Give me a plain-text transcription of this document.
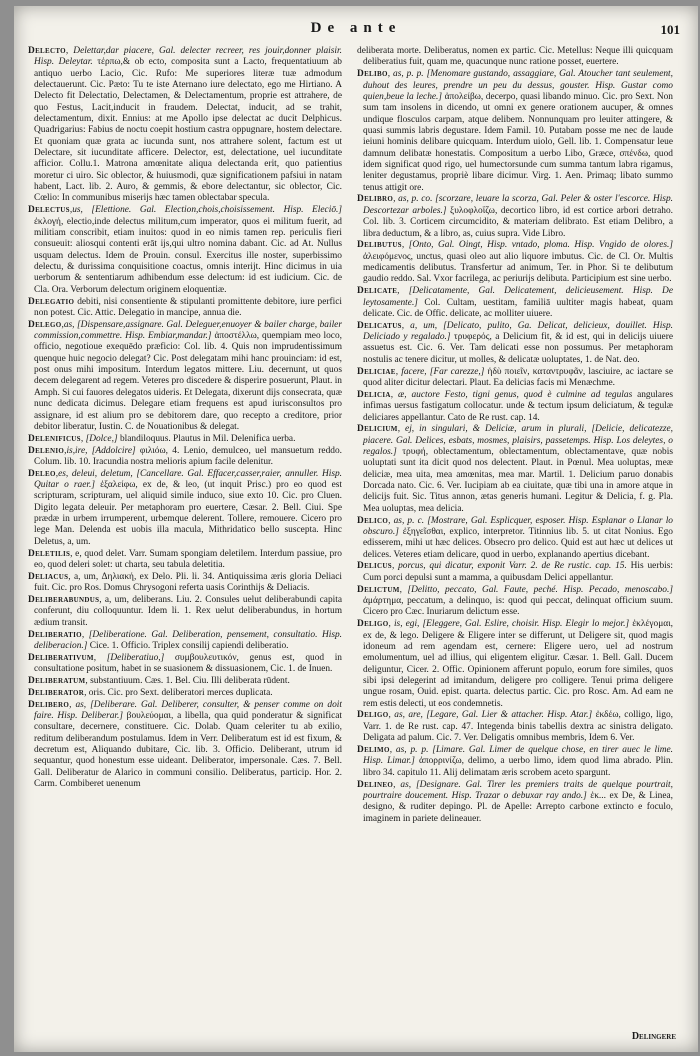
De ante	101

Delecto, Delettar,dar piacere, Gal. delecter recreer, res jouir,donner plaisir. Hisp. Deleytar. τέρπω,& ob ecto, composita sunt a Lacto, frequentatiuum ab antiquo uerbo Lacio, Cic. Rufo: Me superiores literæ tuæ admodum delectauerunt. Cic. Pæto: Tu te iste Aternano iure delectato, ego me Hirtiano. A Delecto fit Delectatio, Delectamen, & Delectamentum, proprie est attrahere, de quo Festus, Lacit,inducit in fraudem. Delectat, inducit, ad se trahit, delectamentum, dixit. Ennius: at me Apollo ipse delectat ac ducit Delphicus. Quadrigarius: Fabius de noctu coepit hostium castra oppugnare, hostem delectare. Et quoniam quæ grata ac iucunda sunt, nos attrahere solent, factum est ut Delectare, sit iucunditate afficere. Delector, est, delectatione, uel iucunditate afficior. Collu.1. Matrona amœnitate aliqua delectanda erit, quo patientius moretur ci uiro. Sic oblector, & huiusmodi, quæ significationem pafsiui in natam habent, Lact. lib. 2. Auro, & gemmis, & ebore delectantur, sic oblector, Cic. Cœlio: In communibus miserijs hæc tamen oblectabar specula.

Delectus,us, [Elettione. Gal. Election,chois,choisissement. Hisp. Eleciō.] ἐκλογή, electio,inde delectus militum,cum imperator, quos ei militum fuerit, ad militiam conscribit, etiam inuitos: quod in eo nimis tamen rep. periculis fieri consueuit: aliosqui contenti erāt ijs,qui ultro nomina dabant. Cic. ad At. Nullus usquam delectus. Idem de Prouin. consul. Exercitus ille noster, superbissimo delectu, & durissima conquisitione coactus, omnis interijt. Hinc dicimus in uia uerborum & sententiarum adhibendum esse delectum: id est iudicium. Cic. de Cla. Ora. Verborum delectum originem eloquentiæ.

Delegatio debiti, nisi consentiente & stipulanti promittente debitore, iure perfici non potest. Cic. Attic. Delegatio in mancipe, annua die.

Delego,as, [Dispensare,assignare. Gal. Deleguer,enuoyer & bailer charge, bailer commission,commettre. Hisp. Embiar,mandar.] ἀποστέλλω, quempiam meo loco, officio, negotioue exequēdo præficio: Col. lib. 4. Quis non imprudentissimum quenque huic negocio delegat? Cic. Post delegatam mihi hanc prouinciam: id est, post onus mihi impositum. Interdum legatos mittere. Liu. decernunt, ut quos decem delegarent ad regem. Veteres pro discedere & disperire posuerunt, Plaut. in Amph. Si cui fauores delegatos uideris. Et Delegata, dixerunt dijs consecrata, quæ nunc dedicata dicimus. Delegare etiam frequens est apud iurisconsultos pro assignare, id est alium pro se debitorem dare, quo recepto a creditore, prior debitor liberatur, Iustin. C. de Nouationibus & delegat.

Delenificus, [Dolce,] blandiloquus. Plautus in Mil. Delenifica uerba.

Delenio,is,ire, [Addolcire] φιλιόω, 4. Lenio, demulceo, uel mansuetum reddo. Colum. lib. 10. Iracundia nostra melioris apium facile delenitur.

Deleo,es, deleui, deletum, [Cancellare. Gal. Effacer,casser,raier, annuller. Hisp. Quitar o raer.] ἐξαλείφω, ex de, & leo, (ut inquit Prisc.) pro eo quod est scripturam, scripturam, uel aliquid simile induco, siue exto 10. Cic. pro Cluen. Digito legata deleuir. Per metaphoram pro euertere, Cæsar. 2. Bell. Ciui. Spe prædæ in urbem irrumperent, urbemque delerent. Tollere, remouere. Cicero pro lege Man. Delenda est uobis illa macula, Mithridatico bello suscepta. Hinc Deletus, a, um.

Deletilis, e, quod delet. Varr. Sumam spongiam deletilem. Interdum passiue, pro eo, quod deleri solet: ut charta, seu tabula deletitia.

Deliacus, a, um, Δηλιακή, ex Delo. Pli. li. 34. Antiquissima æris gloria Deliaci fuit. Cic. pro Ros. Domus Chrysogoni referta uasis Corinthijs & Deliacis.

Deliberabundus, a, um, deliberans. Liu. 2. Consules uelut deliberabundi capita conferunt, diu colloquuntur. Idem li. 1. Rex uelut deliberabundus, in hortum ædium transit.

Deliberatio, [Deliberatione. Gal. Deliberation, pensement, consultatio. Hisp. deliberacion.] Cice. 1. Officio. Triplex consilij capiendi deliberatio.

Deliberativum, [Deliberatiuo,] συμβουλευτικόν, genus est, quod in consultatione positum, habet in se suasionem & dissuasionem, Cic. 1. de Inuen.

Deliberatum, substantiuum. Cæs. 1. Bel. Ciu. Illi deliberata rūdent.

Deliberator, oris. Cic. pro Sext. deliberatori merces duplicata.

Delibero, as, [Deliberare. Gal. Deliberer, consulter, & penser comme on doit faire. Hisp. Deliberar.] βουλεύομαι, a libella, qua quid ponderatur & significat consultare, decernere, constituere. Cic. Dolab. Quam celeriter tu ab exilio, reditum deliberandum postulamus. Idem in Verr. Deliberatum est id est fixum, & decretum est, Aliquando dubitare, Cic. lib. 3. Officio. Deliberant, utrum id sequantur, quod honestum esse uideant. Deliberator, impersonale. Cæs. 7. Bell. Gall. Deliberatur de Alarico in communi consilio. Deliberatus, particip. Hor. 2. Carm. Combiberet uenenum

deliberata morte. Deliberatus, nomen ex partic. Cic. Metellus: Neque illi quicquam deliberatius fuit, quam me, quacunque nunc ratione posset, euertere.

Delibo, as, p. p. [Menomare gustando, assaggiare, Gal. Atoucher tant seulement, duhout des leures, prendre un peu du dessus, gouster. Hisp. Gustar como quien,beue la leche.] ἀπολείβω, decerpo, quasi libando minuo. Cic. pro Sext. Non sum tam insolens in dicendo, ut omni ex genere orationem aucuper, & omnes undique flosculos carpam, atque delibem. Nonnunquam pro leuiter attingere, & quasi summis labris degustare. Idem Famil. 10. Putabam posse me nec de laude ieiuni hominis delibare quicquam. Interdum uiolo, Gell. lib. 1. Compensatur leue damnum delibatæ honestatis. Compositum a uerbo Libo, Græce, σπένδω, quod idem significat quod rigo, uel humectorsunde cum summa tantum labra rigamus, leniter degustamus, propriè libare dicimur. Virg. 1. Aen. Primaq; libato summo tenus attigit ore.

Delibro, as, p. co. [scorzare, leuare la scorza, Gal. Peler & oster l'escorce. Hisp. Descortezar arboles.] ξυλοφλοΐζω, decortico libro, id est cortice arbori detraho. Col. lib. 3. Corticem circumcidito, & materiam delibrato. Est etiam Delibro, a libra deductum, & a libro, as, cuius supra. Vide Libro.

Delibutus, [Onto, Gal. Oingt, Hisp. vntado, ploma. Hisp. Vngido de olores.] ἀλειφόμενος, unctus, quasi oleo aut alio liquore imbutus. Cic. de Cl. Or. Multis medicamentis delibutus. Transfertur ad animum, Ter. in Phor. Si te delibutum gaudio reddo. Sal. Vxor facrilega, ac periurijs delibuta. Participium est sine uerbo.

Delicate, [Delicatamente, Gal. Delicatement, delicieusement. Hisp. De leytosamente.] Col. Cultam, uestitam, familiā uultiter magis habeat, quam delicate. Cic. de Offic. delicate, ac molliter uiuere.

Delicatus, a, um, [Delicato, pulito, Ga. Delicat, delicieux, douillet. Hisp. Deliciado y regalado.] τρυφερός, a Delicium fit, & id est, qui in delicijs uiuere assuetus est. Cic. 6. Ver. Tam delicati esse non possumus. Per metaphoram nostulis ac tenere dicitur, ut molles, & delicatæ uoluptates, 1. de Nat. deo.

Deliciae, facere, [Far carezze,] ἡδὺ ποιεῖν, καταντρυφᾶν, lasciuire, ac iactare se quod aliter dicitur delectari. Plaut. Ea delicias facis mi Menæchme.

Delicia, æ, auctore Festo, tigni genus, quod è culmine ad tegulas angulares infimas uersus fastigatum collocatur. unde & tectum ipsum deliciatum, & tegulæ deliciares appellantur. Cato de Re rust. cap. 14.

Delicium, ej, in singulari, & Deliciæ, arum in plurali, [Delicie, delicatezze, piacere. Gal. Delices, esbats, mosmes, plaisirs, passetemps. Hisp. Los deleytes, o regalos.] τρυφή, oblectamentum, oblectamentum, oblectamentave, quæ nobis uoluptati sunt ita dicit quod nos delectent. Plaut. in Pœnul. Mea uoluptas, meæ deliciæ, mea uita, mea amœnitas, mea mar. Martil. 1. Delicium paruo donabis Dorcada nato. Cic. 6. Ver. Iucipiam ab ea ciuitate, quæ tibi una in amore atque in delicijs fuit. Sic. Titus annon, ætas generis humani. Legitur & Delicia, f. g. Pla. Mea uoluptas, mea delicia.

Delico, as, p. c. [Mostrare, Gal. Esplicquer, esposer. Hisp. Esplanar o Llanar lo obscuro.] ἐξηγεῖσθαι, explico, interpretor. Titinnius lib. 5. ut citat Nonius. Ego edisserem, mihi ut hæc delices. Obsecro pro delico. Quid est aut hæc ut delices ut delices. Veteres etiam delicare, quod in uerbo, explanando apertius dicebant.

Delicus, porcus, qui dicatur, exponit Varr. 2. de Re rustic. cap. 15. His uerbis: Cum porci depulsi sunt a mamma, a quibusdam Delici appellantur.

Delictum, [Delitto, peccato, Gal. Faute, peché. Hisp. Pecado, menoscabo.] ἁμάρτημα, peccatum, a delinquo, is: quod qui peccat, delinquat officium suum. Cicero pro Cæc. Inuriarum delictum esse.

Deligo, is, egi, [Eleggere, Gal. Eslire, choisir. Hisp. Elegir lo mejor.] ἐκλέγομαι, ex de, & lego. Deligere & Eligere inter se differunt, ut Deligere sit, quod magis idoneum ad rem agendam est, cernere: Eligere uero, uel ad nostrum emolumentum, uel ad illius, qui eligentem eligitur. Cæsar. 1. Bell. Gall. Ducem deliguntur, Cicer. 2. Offic. Opinionem afferunt populo, eorum fore similes, quos sibi ipsi delegerint ad imitandum, deligere pro colligere. Tenui prima deligere ungue rosam, Ouid. epist. quarta. delectus partic. Cic. pro Rosc. Am. Ad eam ne rem estis delecti, ut eos condemnetis.

Deligo, as, are, [Legare, Gal. Lier & attacher. Hisp. Atar.] ἐκδέω, colligo, ligo, Varr. 1. de Re rust. cap. 47. Integenda binis tabellis dextra ac sinistra deligato. Deligata ad palum. Cic. 7. Ver. Deligatis omnibus membris, Idem 6. Ver.

Delimo, as, p. p. [Limare. Gal. Limer de quelque chose, en tirer auec le lime. Hisp. Limar.] ἀπορρινίζω, delimo, a uerbo limo, idem quod lima abrado. Plin. libro 34. capitulo 11. Alij delimatam æris scrobem aceto spargunt.

Delineo, as, [Designare. Gal. Tirer les premiers traits de quelque pourtrait, pourtraire doucement. Hisp. Trazar o debuxar ray ando.] ἐκ... ex De, & Linea, designo, & ruditer depingo. Pl. de Apelle: Arrepto carbone extincto e foculo, imaginem in pariete delineauer.

Delingere
